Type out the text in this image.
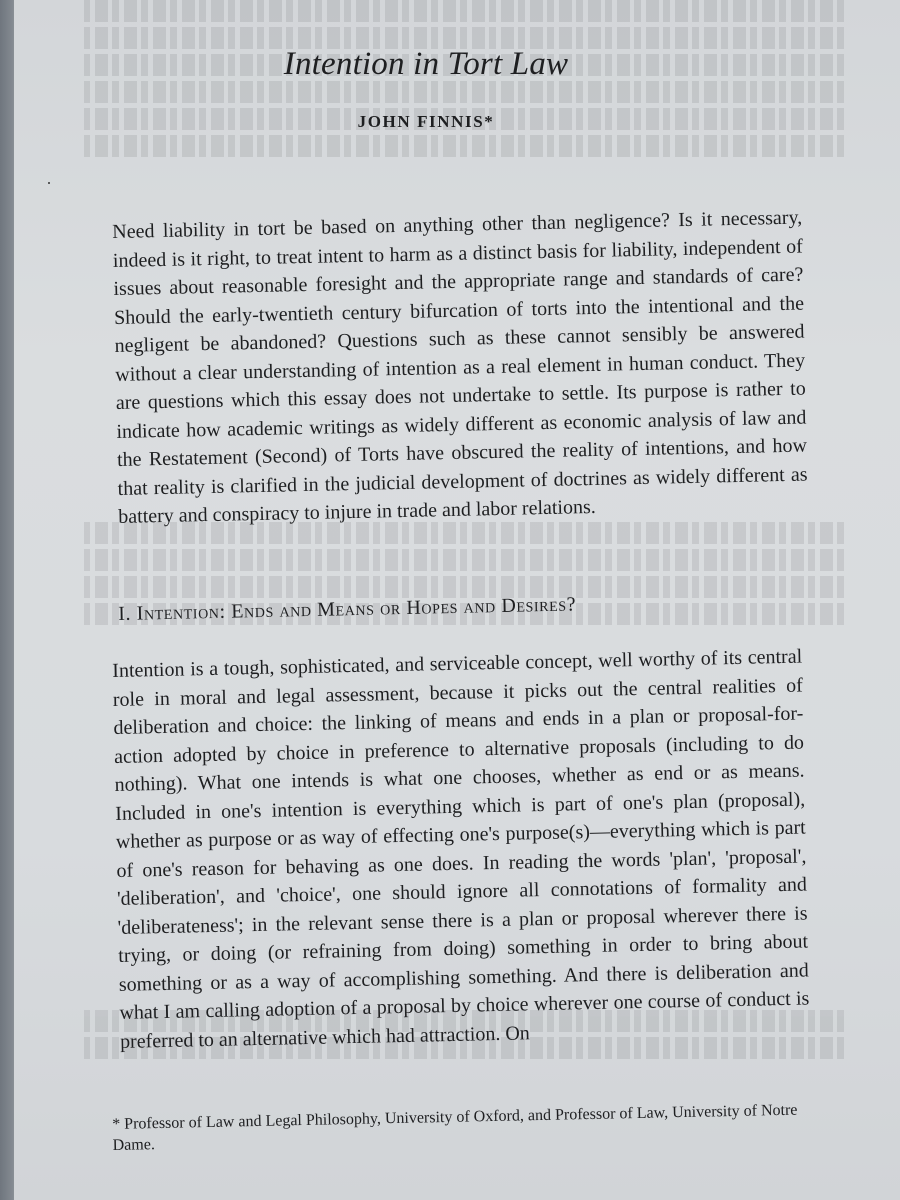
Intention in Tort Law
JOHN FINNIS*

Need liability in tort be based on anything other than negligence? Is it necessary, indeed is it right, to treat intent to harm as a distinct basis for liability, independent of issues about reasonable foresight and the appropriate range and standards of care? Should the early-twentieth century bifurcation of torts into the intentional and the negligent be abandoned? Questions such as these cannot sensibly be answered without a clear understanding of intention as a real element in human conduct. They are questions which this essay does not undertake to settle. Its purpose is rather to indicate how academic writings as widely different as economic analysis of law and the Restatement (Second) of Torts have obscured the reality of intentions, and how that reality is clarified in the judicial development of doctrines as widely different as battery and conspiracy to injure in trade and labor relations.

I. Intention: Ends and Means or Hopes and Desires?

Intention is a tough, sophisticated, and serviceable concept, well worthy of its central role in moral and legal assessment, because it picks out the central realities of deliberation and choice: the linking of means and ends in a plan or proposal-for-action adopted by choice in preference to alternative proposals (including to do nothing). What one intends is what one chooses, whether as end or as means. Included in one's intention is everything which is part of one's plan (proposal), whether as purpose or as way of effecting one's purpose(s)—everything which is part of one's reason for behaving as one does. In reading the words 'plan', 'proposal', 'deliberation', and 'choice', one should ignore all connotations of formality and 'deliberateness'; in the relevant sense there is a plan or proposal wherever there is trying, or doing (or refraining from doing) something in order to bring about something or as a way of accomplishing something. And there is deliberation and what I am calling adoption of a proposal by choice wherever one course of conduct is preferred to an alternative which had attraction. On

* Professor of Law and Legal Philosophy, University of Oxford, and Professor of Law, University of Notre Dame.
